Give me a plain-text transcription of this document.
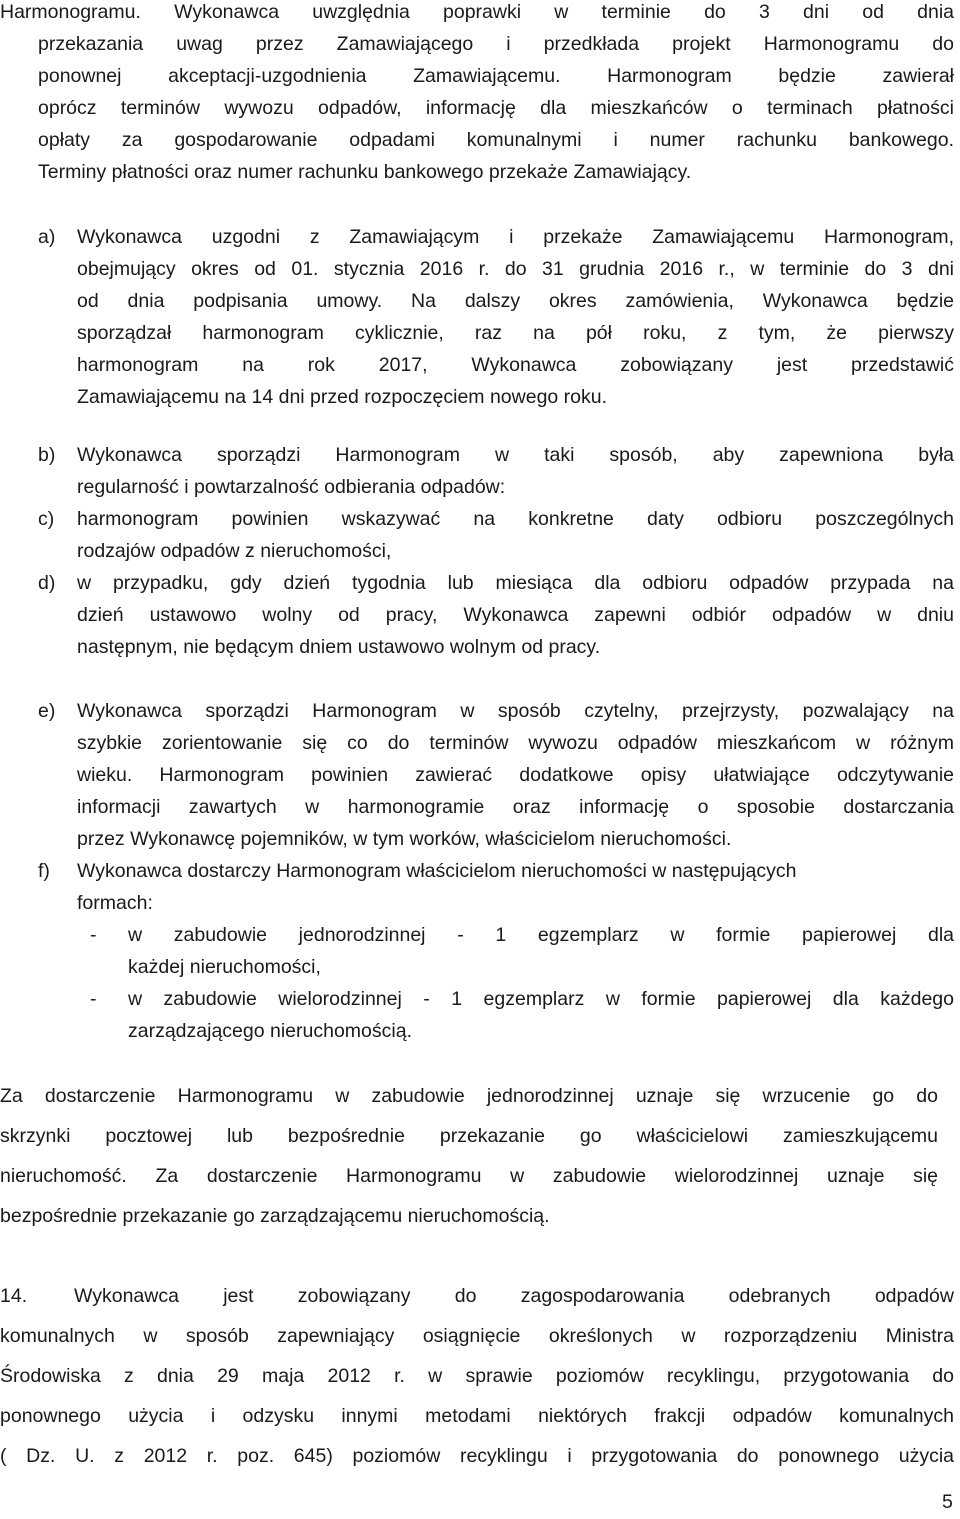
Harmonogramu. Wykonawca uwzględnia poprawki w terminie do 3 dni od dnia
przekazania uwag przez Zamawiającego i przedkłada projekt Harmonogramu do
ponownej akceptacji-uzgodnienia Zamawiającemu. Harmonogram będzie zawierał
oprócz terminów wywozu odpadów, informację dla mieszkańców o terminach płatności
opłaty za gospodarowanie odpadami komunalnymi i numer rachunku bankowego.
Terminy płatności oraz numer rachunku bankowego przekaże Zamawiający.
a) Wykonawca uzgodni z Zamawiającym i przekaże Zamawiającemu Harmonogram,
obejmujący okres od 01. stycznia 2016 r. do 31 grudnia 2016 r., w terminie do 3 dni
od dnia podpisania umowy. Na dalszy okres zamówienia, Wykonawca będzie
sporządzał harmonogram cyklicznie, raz na pół roku, z tym, że pierwszy
harmonogram na rok 2017, Wykonawca zobowiązany jest przedstawić
Zamawiającemu na 14 dni przed rozpoczęciem nowego roku.
b) Wykonawca sporządzi Harmonogram w taki sposób, aby zapewniona była
regularność i powtarzalność odbierania odpadów:
c) harmonogram powinien wskazywać na konkretne daty odbioru poszczególnych
rodzajów odpadów z nieruchomości,
d) w przypadku, gdy dzień tygodnia lub miesiąca dla odbioru odpadów przypada na
dzień ustawowo wolny od pracy, Wykonawca zapewni odbiór odpadów w dniu
następnym, nie będącym dniem ustawowo wolnym od pracy.
e) Wykonawca sporządzi Harmonogram w sposób czytelny, przejrzysty, pozwalający na
szybkie zorientowanie się co do terminów wywozu odpadów mieszkańcom w różnym
wieku. Harmonogram powinien zawierać dodatkowe opisy ułatwiające odczytywanie
informacji zawartych w harmonogramie oraz informację o sposobie dostarczania
przez Wykonawcę pojemników, w tym worków, właścicielom nieruchomości.
f) Wykonawca dostarczy Harmonogram właścicielom nieruchomości w następujących
formach:
- w zabudowie jednorodzinnej - 1 egzemplarz w formie papierowej dla
każdej nieruchomości,
- w zabudowie wielorodzinnej - 1 egzemplarz w formie papierowej dla każdego
zarządzającego nieruchomością.
Za dostarczenie Harmonogramu w zabudowie jednorodzinnej uznaje się wrzucenie go do
skrzynki pocztowej lub bezpośrednie przekazanie go właścicielowi zamieszkującemu
nieruchomość. Za dostarczenie Harmonogramu w zabudowie wielorodzinnej uznaje się
bezpośrednie przekazanie go zarządzającemu nieruchomością.
14. Wykonawca jest zobowiązany do zagospodarowania odebranych odpadów
komunalnych w sposób zapewniający osiągnięcie określonych w rozporządzeniu Ministra
Środowiska z dnia 29 maja 2012 r. w sprawie poziomów recyklingu, przygotowania do
ponownego użycia i odzysku innymi metodami niektórych frakcji odpadów komunalnych
( Dz. U. z 2012 r. poz. 645) poziomów recyklingu i przygotowania do ponownego użycia
5
